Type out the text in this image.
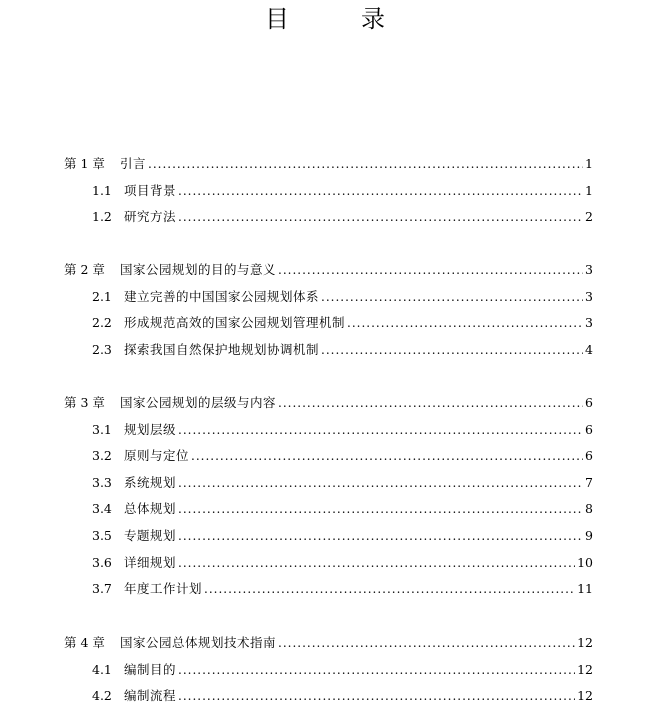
目　录
第 1 章	引言 .....	1
1.1 项目背景 .....	1
1.2 研究方法 .....	2
第 2 章	国家公园规划的目的与意义 .....	3
2.1 建立完善的中国国家公园规划体系 .....	3
2.2 形成规范高效的国家公园规划管理机制 .....	3
2.3 探索我国自然保护地规划协调机制 .....	4
第 3 章	国家公园规划的层级与内容 .....	6
3.1 规划层级 .....	6
3.2 原则与定位 .....	6
3.3 系统规划 .....	7
3.4 总体规划 .....	8
3.5 专题规划 .....	9
3.6 详细规划 .....	10
3.7 年度工作计划 .....	11
第 4 章	国家公园总体规划技术指南 .....	12
4.1 编制目的 .....	12
4.2 编制流程 .....	12
